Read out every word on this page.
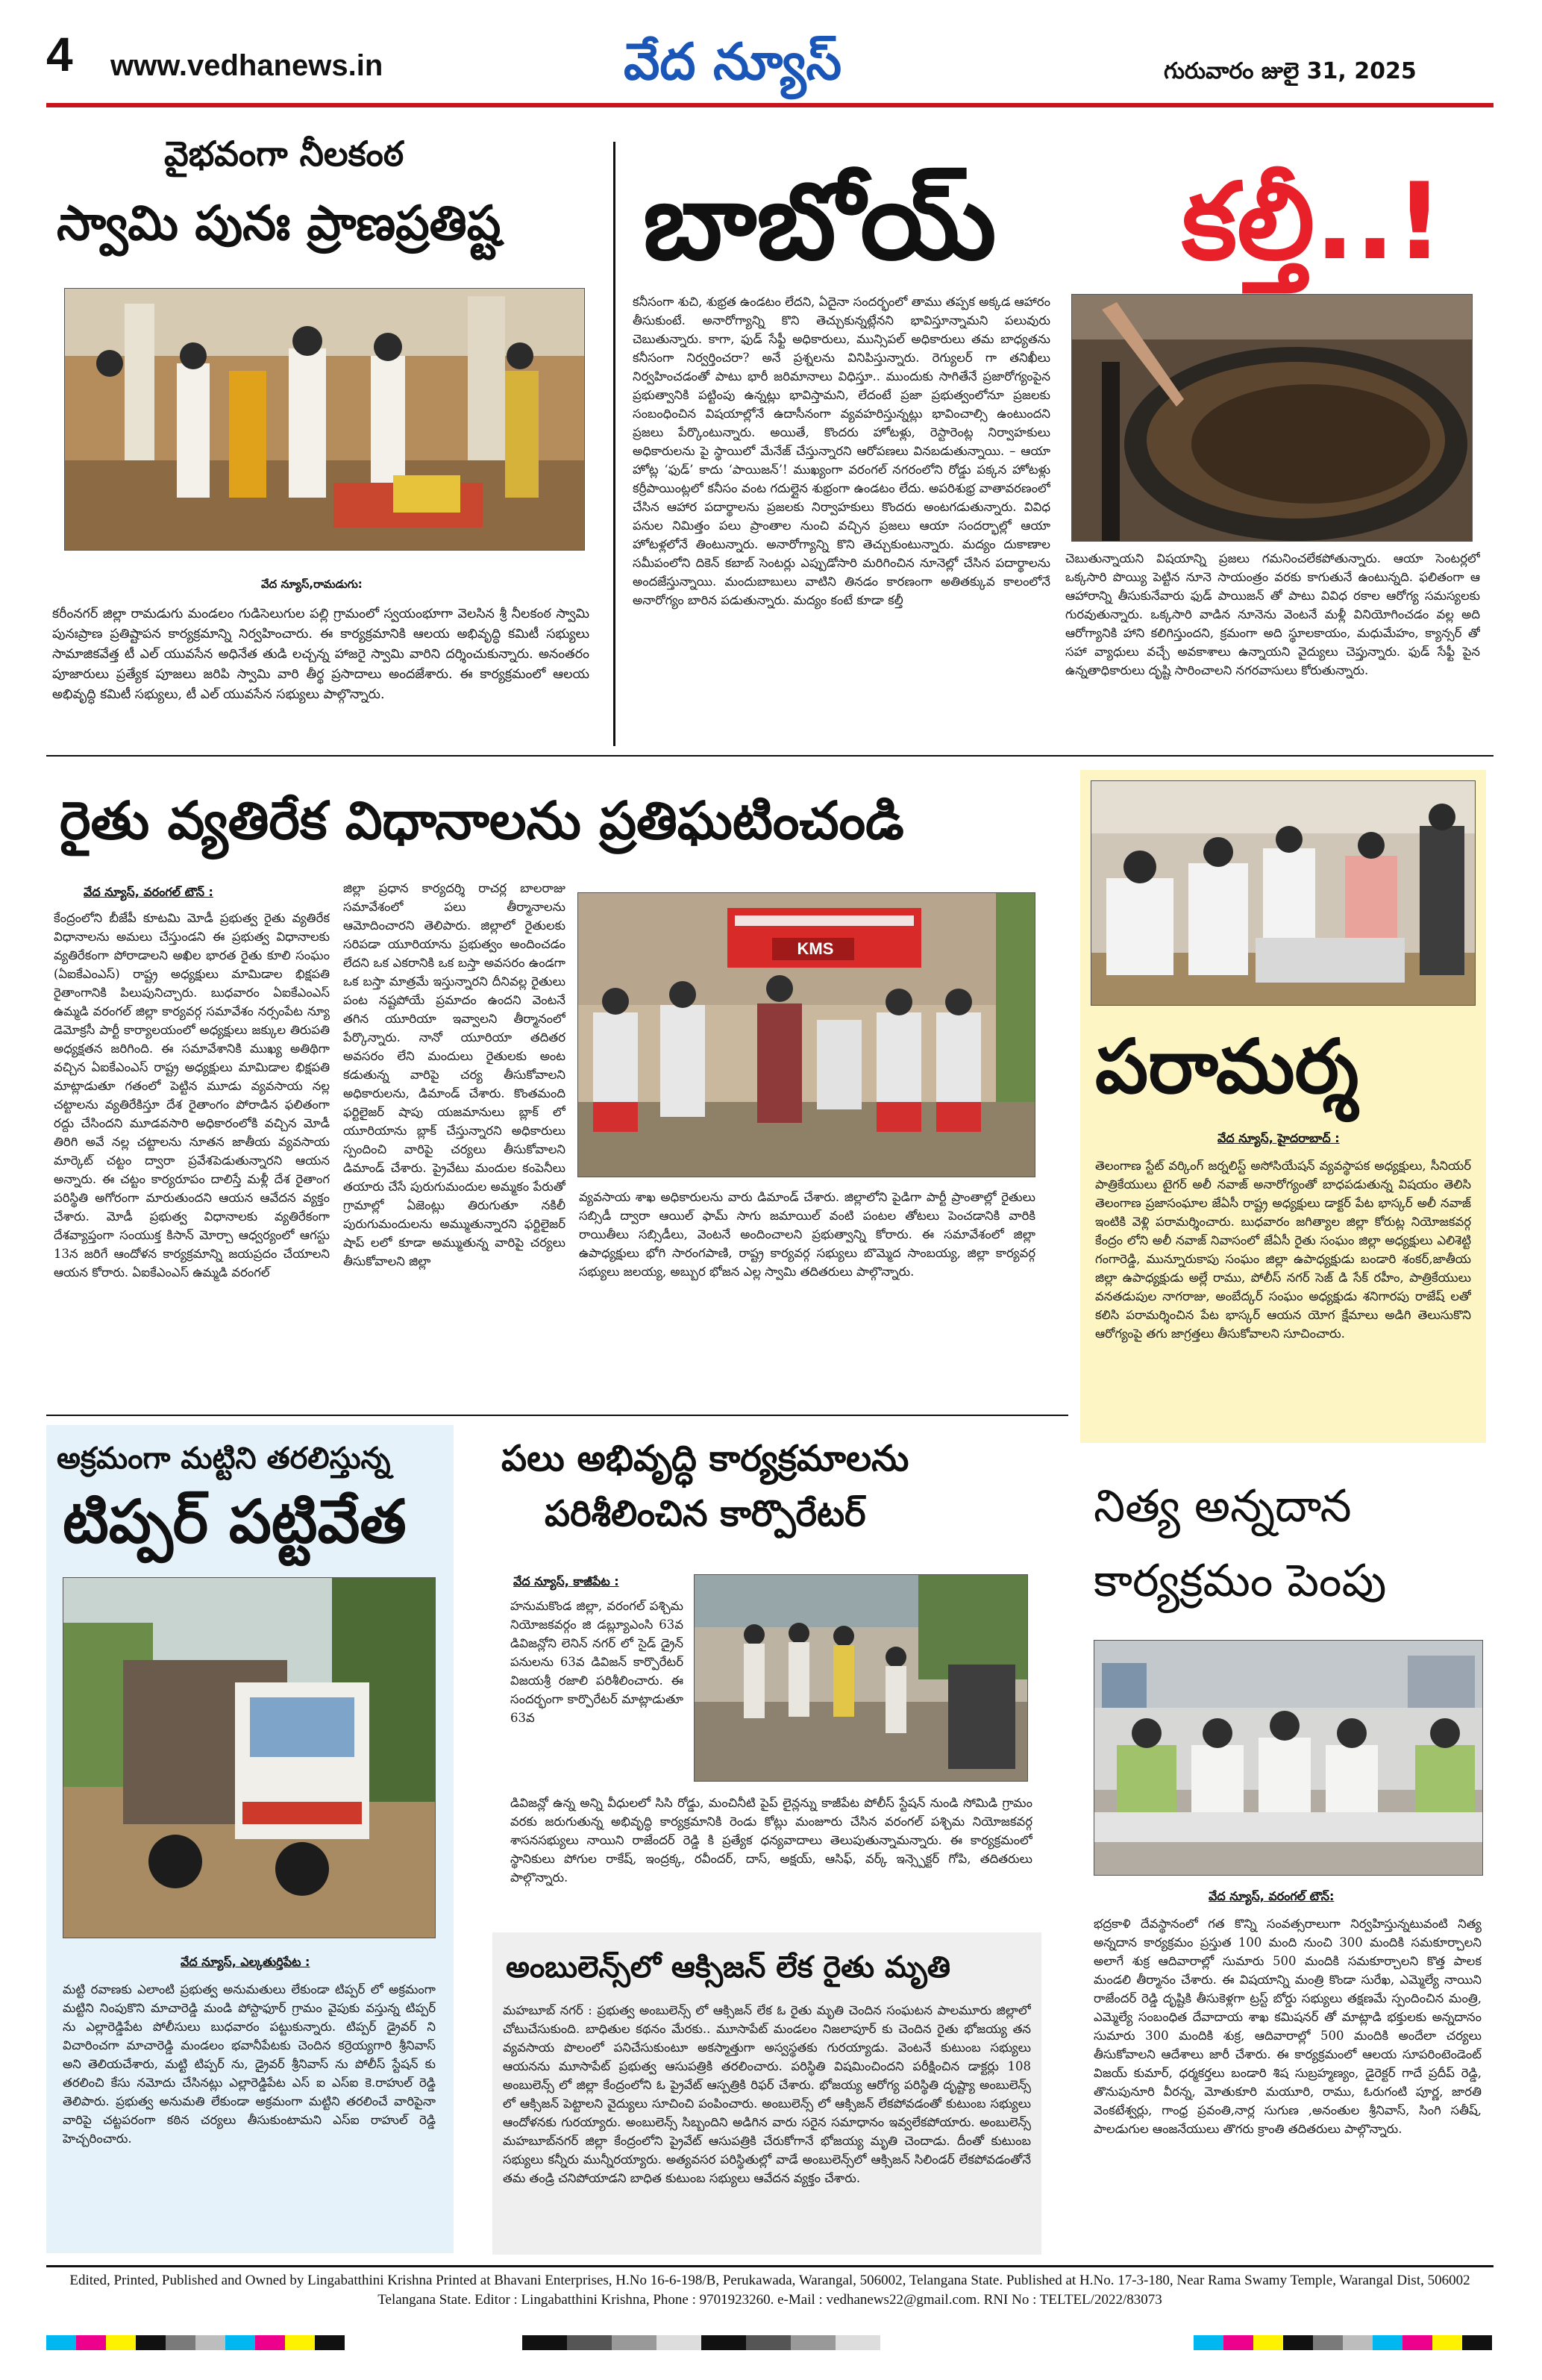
4 www.vedhanews.in	వేద న్యూస్	గురువారం జులై 31, 2025
వైభవంగా నీలకంఠ
స్వామి పునః ప్రాణప్రతిష్ట
వేద న్యూస్,రామడుగు:
కరీంనగర్ జిల్లా రామడుగు మండలం గుడిసెలుగుల పల్లి గ్రామంలో స్వయంభూగా వెలసిన శ్రీ నీలకంఠ స్వామి పునఃప్రాణ ప్రతిష్టాపన కార్యక్రమాన్ని నిర్వహించారు. ఈ కార్యక్రమానికి ఆలయ అభివృద్ధి కమిటీ సభ్యులు సామాజికవేత్త టీ ఎల్ యువసేన అధినేత తుడి లచ్చన్న హాజరై స్వామి వారిని దర్శించుకున్నారు. అనంతరం పూజారులు ప్రత్యేక పూజలు జరిపి స్వామి వారి తీర్థ ప్రసాదాలు అందజేశారు. ఈ కార్యక్రమంలో ఆలయ అభివృద్ధి కమిటీ సభ్యులు, టీ ఎల్ యువసేన సభ్యులు పాల్గొన్నారు.
బాబోయ్ కల్తీ..!
కనీసంగా శుచి, శుభ్రత ఉండటం లేదని, ఏదైనా సందర్భంలో తాము తప్పక అక్కడ ఆహారం తీసుకుంటే. అనారోగ్యాన్ని కొని తెచ్చుకున్నట్లేనని భావిస్తూన్నామని పలువురు చెబుతున్నారు. కాగా, ఫుడ్ సేఫ్టీ అధికారులు, మున్సిపల్ అధికారులు తమ బాధ్యతను కనీసంగా నిర్వర్తించరా? అనే ప్రశ్నలను వినిపిస్తున్నారు. రెగ్యులర్ గా తనిఖీలు నిర్వహించడంతో పాటు భారీ జరిమానాలు విధిస్తూ.. ముందుకు సాగితేనే ప్రజారోగ్యంపైన ప్రభుత్వానికి పట్టింపు ఉన్నట్లు భావిస్తామని, లేదంటే ప్రజా ప్రభుత్వంలోనూ ప్రజలకు సంబంధించిన విషయాల్లోనే ఉదాసీనంగా వ్యవహరిస్తున్నట్లు భావించాల్సి ఉంటుందని ప్రజలు పేర్కొంటున్నారు. అయితే, కొందరు హోటళ్లు, రెస్టారెంట్ల నిర్వాహకులు అధికారులను పై స్థాయిలో మేనేజ్ చేస్తున్నారని ఆరోపణలు వినబడుతున్నాయి. – ఆయా హోట్ల ‘ఫుడ్’ కాదు ‘పాయిజన్’! ముఖ్యంగా వరంగల్ నగరంలోని రోడ్డు పక్కన హోటళ్లు కర్రీపాయింట్లలో కనీసం వంట గదుల్లైన శుభ్రంగా ఉండటం లేదు. అపరిశుభ్ర వాతావరణంలో చేసిన ఆహార పదార్థాలను ప్రజలకు నిర్వాహకులు కొందరు అంటగడుతున్నారు. వివిధ పనుల నిమిత్తం పలు ప్రాంతాల నుంచి వచ్చిన ప్రజలు ఆయా సందర్భాల్లో ఆయా హోటళ్లలోనే తింటున్నారు. అనారోగ్యాన్ని కొని తెచ్చుకుంటున్నారు. మద్యం దుకాణాల సమీపంలోని దికెన్ కబాబ్ సెంటర్లు ఎప్పుడోసారి మరిగించిన నూనెల్లో చేసిన పదార్థాలను అందజేస్తున్నాయి. మందుబాబులు వాటిని తినడం కారణంగా అతితక్కువ కాలంలోనే అనారోగ్యం బారిన పడుతున్నారు. మద్యం కంటే కూడా కల్తీ
చెబుతున్నాయని విషయాన్ని ప్రజలు గమనించలేకపోతున్నారు. ఆయా సెంటర్లలో ఒక్కసారి పొయ్యి పెట్టిన నూనె సాయంత్రం వరకు కాగుతునే ఉంటున్నది. ఫలితంగా ఆ ఆహారాన్ని తీసుకునేవారు ఫుడ్ పాయిజన్ తో పాటు వివిధ రకాల ఆరోగ్య సమస్యలకు గురవుతున్నారు. ఒక్కసారి వాడిన నూనెను వెంటనే మళ్లీ వినియోగించడం వల్ల అది ఆరోగ్యానికి హాని కలిగిస్తుందని, క్రమంగా అది స్థూలకాయం, మధుమేహం, క్యాన్సర్ తో సహా వ్యాధులు వచ్చే అవకాశాలు ఉన్నాయని వైద్యులు చెప్తున్నారు. ఫుడ్ సేఫ్టీ పైన ఉన్నతాధికారులు దృష్టి సారించాలని నగరవాసులు కోరుతున్నారు.
రైతు వ్యతిరేక విధానాలను ప్రతిఘటించండి
వేద న్యూస్, వరంగల్ టౌన్ :
కేంద్రంలోని బీజేపీ కూటమి మోడీ ప్రభుత్వ రైతు వ్యతిరేక విధానాలను అమలు చేస్తుండని ఈ ప్రభుత్వ విధానాలకు వ్యతిరేకంగా పోరాడాలని అఖిల భారత రైతు కూలి సంఘం (ఏఐకేఎంఎస్) రాష్ట్ర అధ్యక్షులు మామిడాల భిక్షపతి రైతాంగానికి పిలుపునిచ్చారు. బుధవారం ఏఐకేఎంఎస్ ఉమ్మడి వరంగల్ జిల్లా కార్యవర్గ సమావేశం నర్సంపేట న్యూ డెమోక్రసీ పార్టీ కార్యాలయంలో అధ్యక్షులు జక్కుల తిరుపతి అధ్యక్షతన జరిగింది. ఈ సమావేశానికి ముఖ్య అతిథిగా వచ్చిన ఏఐకేఎంఎస్ రాష్ట్ర అధ్యక్షులు మామిడాల భిక్షపతి మాట్లాడుతూ గతంలో పెట్టిన మూడు వ్యవసాయ నల్ల చట్టాలను వ్యతిరేకిస్తూ దేశ రైతాంగం పోరాడిన ఫలితంగా రద్దు చేసిందని మూడవసారి అధికారంలోకి వచ్చిన మోడీ తిరిగి అవే నల్ల చట్టాలను నూతన జాతీయ వ్యవసాయ మార్కెట్ చట్టం ద్వారా ప్రవేశపెడుతున్నారని ఆయన అన్నారు. ఈ చట్టం కార్యరూపం దాలిస్తే మళ్లీ దేశ రైతాంగ పరిస్థితి అగోరంగా మారుతుందని ఆయన ఆవేదన వ్యక్తం చేశారు. మోడీ ప్రభుత్వ విధానాలకు వ్యతిరేకంగా దేశవ్యాప్తంగా సంయుక్త కిసాన్ మోర్చా ఆధ్వర్యంలో ఆగస్టు 13న జరిగే ఆందోళన కార్యక్రమాన్ని జయప్రదం చేయాలని ఆయన కోరారు. ఏఐకేఎంఎస్ ఉమ్మడి వరంగల్
జిల్లా ప్రధాన కార్యదర్శి రాచర్ల బాలరాజు సమావేశంలో పలు తీర్మానాలను ఆమోదించారని తెలిపారు. జిల్లాలో రైతులకు సరిపడా యూరియాను ప్రభుత్వం అందించడం లేదని ఒక ఎకరానికి ఒక బస్తా అవసరం ఉండగా ఒక బస్తా మాత్రమే ఇస్తున్నారని దీనివల్ల రైతులు పంట నష్టపోయే ప్రమాదం ఉందని వెంటనే తగిన యూరియా ఇవ్వాలని తీర్మానంలో పేర్కొన్నారు. నానో యూరియా తదితర అవసరం లేని మందులు రైతులకు అంట కడుతున్న వారిపై చర్య తీసుకోవాలని అధికారులను, డిమాండ్ చేశారు. కొంతమంది ఫర్టిలైజర్ షాపు యజమానులు బ్లాక్ లో యూరియాను బ్లాక్ చేస్తున్నారని అధికారులు స్పందించి వారిపై చర్యలు తీసుకోవాలని డిమాండ్ చేశారు. ప్రైవేటు మందుల కంపెనీలు తయారు చేసే పురుగుమందుల అమ్మకం పేరుతో గ్రామాల్లో ఏజెంట్లు తిరుగుతూ నకిలీ పురుగుమందులను అమ్ముతున్నారని ఫర్టిలైజర్ షాప్ లలో కూడా అమ్ముతున్న వారిపై చర్యలు తీసుకోవాలని జిల్లా
KMS
వ్యవసాయ శాఖ అధికారులను వారు డిమాండ్ చేశారు. జిల్లాలోని పైడిగా పార్టీ ప్రాంతాల్లో రైతులు సబ్సిడీ ద్వారా ఆయిల్ ఫామ్ సాగు జమాయిల్ వంటి పంటల తోటలు పెంచడానికి వారికి రాయితీలు సబ్సిడీలు, వెంటనే అందించాలని ప్రభుత్వాన్ని కోరారు. ఈ సమావేశంలో జిల్లా ఉపాధ్యక్షులు భోగి సారంగపాణి, రాష్ట్ర కార్యవర్గ సభ్యులు బొమ్మెద సాంబయ్య, జిల్లా కార్యవర్గ సభ్యులు జలయ్య, అబ్బుర భోజన ఎల్ల స్వామి తదితరులు పాల్గొన్నారు.
పరామర్శ
వేద న్యూస్, హైదరాబాద్ :
తెలంగాణ స్టేట్ వర్కింగ్ జర్నలిస్ట్ అసోసియేషన్ వ్యవస్థాపక అధ్యక్షులు, సీనియర్ పాత్రికేయులు టైగర్ అలీ నవాజ్ అనారోగ్యంతో బాధపడుతున్న విషయం తెలిసి తెలంగాణ ప్రజాసంఘాల జేఏసీ రాష్ట్ర అధ్యక్షులు డాక్టర్ పేట భాస్కర్ అలీ నవాజ్ ఇంటికి వెళ్లి పరామర్శించారు. బుధవారం జగిత్యాల జిల్లా కోరుట్ల నియోజకవర్గ కేంద్రం లోని అలీ నవాజ్ నివాసంలో జేఏసీ రైతు సంఘం జిల్లా అధ్యక్షులు ఎలిశెట్టి గంగారెడ్డి, మున్నూరుకాపు సంఘం జిల్లా ఉపాధ్యక్షుడు బండారి శంకర్,జాతీయ జిల్లా ఉపాధ్యక్షుడు అల్లే రాము, పోలీస్ నగర్ సెజ్ డి సేక్ రహీం, పాత్రికేయులు వనతడుపుల నాగరాజు, అంబేద్కర్ సంఘం అధ్యక్షుడు శనిగారపు రాజేష్ లతో కలిసి పరామర్శించిన పేట భాస్కర్ ఆయన యోగ క్షేమాలు అడిగి తెలుసుకొని ఆరోగ్యంపై తగు జాగ్రత్తలు తీసుకోవాలని సూచించారు.
అక్రమంగా మట్టిని తరలిస్తున్న
టిప్పర్ పట్టివేత
వేద న్యూస్, ఎల్కతుర్తిపేట :
మట్టి రవాణకు ఎలాంటి ప్రభుత్వ అనుమతులు లేకుండా టిప్పర్ లో అక్రమంగా మట్టిని నింపుకొని మాచారెడ్డి మండి పోస్టాఫూర్ గ్రామం వైపుకు వస్తున్న టిప్పర్ ను ఎల్లారెడ్డిపేట పోలీసులు బుధవారం పట్టుకున్నారు. టిప్పర్ డ్రైవర్ ని విచారించగా మాచారెడ్డి మండలం భవానీపేటకు చెందిన కర్రెయ్యగారి శ్రీనివాస్ అని తెలియచేశారు, మట్టి టిప్పర్ ను, డ్రైవర్ శ్రీనివాస్ ను పోలీస్ స్టేషన్ కు తరలించి కేసు నమోదు చేసినట్లు ఎల్లారెడ్డిపేట ఎస్ ఐ ఎస్ఐ కె.రాహుల్ రెడ్డి తెలిపారు. ప్రభుత్వ అనుమతి లేకుండా అక్రమంగా మట్టిని తరలించే వారిపైనా వారిపై చట్టపరంగా కఠిన చర్యలు తీసుకుంటామని ఎస్ఐ రాహుల్ రెడ్డి హెచ్చరించారు.
పలు అభివృద్ధి కార్యక్రమాలను
పరిశీలించిన కార్పొరేటర్
వేద న్యూస్, కాజీపేట :
హనుమకొండ జిల్లా, వరంగల్ పశ్చిమ నియోజకవర్గం జి డబ్ల్యూఎంసి 63వ డివిజన్లోని లెనిన్ నగర్ లో సైడ్ డ్రైన్ పనులను 63వ డివిజన్ కార్పొరేటర్ విజయశ్రీ రజాలి పరిశీలించారు. ఈ సందర్భంగా కార్పొరేటర్ మాట్లాడుతూ 63వ
డివిజన్లో ఉన్న అన్ని వీధులలో సిసి రోడ్డు, మంచినీటి పైప్ లైన్లన్ను కాజీపేట పోలీస్ స్టేషన్ నుండి సోమిడి గ్రామం వరకు జరుగుతున్న అభివృద్ధి కార్యక్రమానికి రెండు కోట్లు మంజూరు చేసిన వరంగల్ పశ్చిమ నియోజకవర్గ శాసనసభ్యులు నాయిని రాజేందర్ రెడ్డి కి ప్రత్యేక ధన్యవాదాలు తెలుపుతున్నామన్నారు. ఈ కార్యక్రమంలో స్థానికులు పోగుల రాకేష్, ఇంద్రక్క, రవీందర్, దాస్, అక్షయ్, ఆసిఫ్, వర్క్ ఇన్స్పెక్టర్ గోపి, తదితరులు పాల్గొన్నారు.
అంబులెన్స్‌లో ఆక్సిజన్ లేక రైతు మృతి
మహబూబ్ నగర్ : ప్రభుత్వ అంబులెన్స్ లో ఆక్సిజన్ లేక ఓ రైతు మృతి చెందిన సంఘటన పాలమూరు జిల్లాలో చోటుచేసుకుంది. బాధితుల కథనం మేరకు.. మూసాపేట్ మండలం నిజలాపూర్ కు చెందిన రైతు భోజయ్య తన వ్యవసాయ పొలంలో పనిచేసుకుంటూ అకస్మాత్తుగా అస్వస్థతకు గురయ్యాడు. వెంటనే కుటుంబ సభ్యులు ఆయనను మూసాపేట్ ప్రభుత్వ ఆసుపత్రికి తరలించారు. పరిస్థితి విషమించిందని పరీక్షించిన డాక్టర్లు 108 అంబులెన్స్ లో జిల్లా కేంద్రంలోని ఓ ప్రైవేట్ ఆస్పత్రికి రిఫర్ చేశారు. భోజయ్య ఆరోగ్య పరిస్థితి దృష్ట్యా అంబులెన్స్ లో ఆక్సిజన్ పెట్టాలని వైద్యులు సూచించి పంపించారు. అంబులెన్స్ లో ఆక్సిజన్ లేకపోవడంతో కుటుంబ సభ్యులు ఆందోళనకు గురయ్యారు. అంబులెన్స్ సిబ్బందిని అడిగిన వారు సరైన సమాధానం ఇవ్వలేకపోయారు. అంబులెన్స్ మహబూబ్‌నగర్ జిల్లా కేంద్రంలోని ప్రైవేట్ ఆసుపత్రికి చేరుకోగానే భోజయ్య మృతి చెందాడు. దీంతో కుటుంబ సభ్యులు కన్నీరు మున్నీరయ్యారు. అత్యవసర పరిస్థితుల్లో వాడే అంబులెన్స్‌లో ఆక్సిజన్ సిలిండర్ లేకపోవడంతోనే తమ తండ్రి చనిపోయాడని బాధిత కుటుంబ సభ్యులు ఆవేదన వ్యక్తం చేశారు.
నిత్య అన్నదాన
కార్యక్రమం పెంపు
వేద న్యూస్, వరంగల్ టౌన్:
భద్రకాళి దేవస్థానంలో గత కొన్ని సంవత్సరాలుగా నిర్వహిస్తున్నటువంటి నిత్య అన్నదాన కార్యక్రమం ప్రస్తుత 100 మంది నుంచి 300 మందికి సమకూర్చాలని అలాగే శుక్ర ఆదివారాల్లో సుమారు 500 మందికి సమకూర్చాలని కొత్త పాలక మండలి తీర్మానం చేశారు. ఈ విషయాన్ని మంత్రి కొండా సురేఖ, ఎమ్మెల్యే నాయిని రాజేందర్ రెడ్డి దృష్టికి తీసుకెళ్లగా ట్రస్ట్ బోర్డు సభ్యులు తక్షణమే స్పందించిన మంత్రి, ఎమ్మెల్యే సంబంధిత దేవాదాయ శాఖ కమిషనర్ తో మాట్లాడి భక్తులకు అన్నదానం సుమారు 300 మందికి శుక్ర, ఆదివారాల్లో 500 మందికి అందేలా చర్యలు తీసుకోవాలని ఆదేశాలు జారీ చేశారు. ఈ కార్యక్రమంలో ఆలయ సూపరింటెండెంట్ విజయ్ కుమార్, ధర్మకర్తలు బండారి శిష సుబ్రహ్మణ్యం, డైరెక్టర్ గాదే ప్రదీప్ రెడ్డి, తొనుపునూరి వీరన్న, మోతుకూరి మయూరి, రాము, ఓరుగంటి పూర్ణ, జారతి వెంకటేశ్వర్లు, గాంధ్ర ప్రవంతి,నార్ల సుగుణ ,అనంతుల శ్రీనివాస్, సింగి సతీష్, పాలడుగుల ఆంజనేయులు తొగరు క్రాంతి తదితరులు పాల్గొన్నారు.
Edited, Printed, Published and Owned by Lingabatthini Krishna Printed at Bhavani Enterprises, H.No 16-6-198/B, Perukawada, Warangal, 506002, Telangana State. Published at H.No. 17-3-180, Near Rama Swamy Temple, Warangal Dist, 506002 Telangana State. Editor : Lingabatthini Krishna, Phone : 9701923260. e-Mail : vedhanews22@gmail.com. RNI No : TELTEL/2022/83073
